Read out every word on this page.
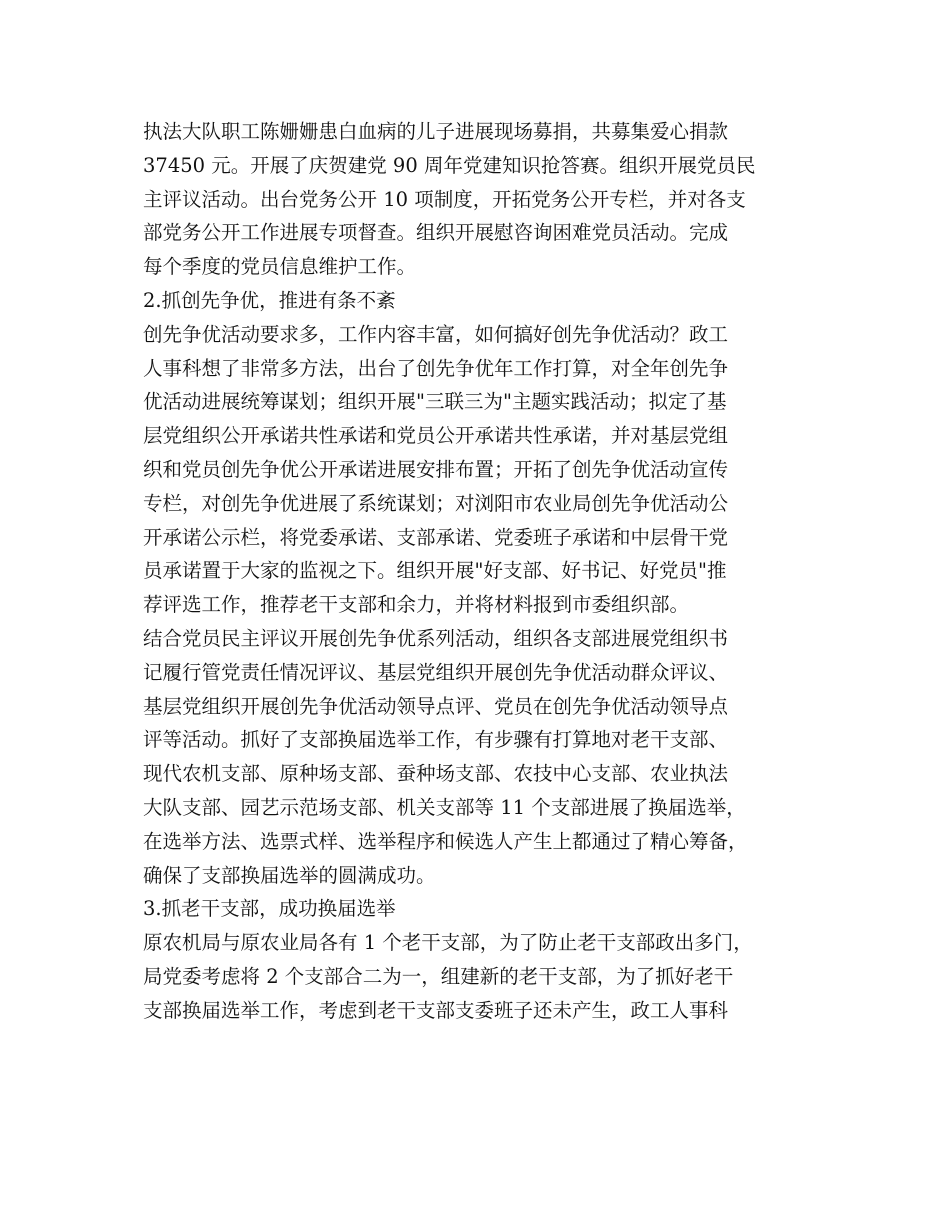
执法大队职工陈姗姗患白血病的儿子进展现场募捐，共募集爱心捐款
37450 元。开展了庆贺建党 90 周年党建知识抢答赛。组织开展党员民
主评议活动。出台党务公开 10 项制度，开拓党务公开专栏，并对各支
部党务公开工作进展专项督查。组织开展慰咨询困难党员活动。完成
每个季度的党员信息维护工作。
2.抓创先争优，推进有条不紊
创先争优活动要求多，工作内容丰富，如何搞好创先争优活动？政工
人事科想了非常多方法，出台了创先争优年工作打算，对全年创先争
优活动进展统筹谋划；组织开展"三联三为"主题实践活动；拟定了基
层党组织公开承诺共性承诺和党员公开承诺共性承诺，并对基层党组
织和党员创先争优公开承诺进展安排布置；开拓了创先争优活动宣传
专栏，对创先争优进展了系统谋划；对浏阳市农业局创先争优活动公
开承诺公示栏，将党委承诺、支部承诺、党委班子承诺和中层骨干党
员承诺置于大家的监视之下。组织开展"好支部、好书记、好党员"推
荐评选工作，推荐老干支部和余力，并将材料报到市委组织部。
结合党员民主评议开展创先争优系列活动，组织各支部进展党组织书
记履行管党责任情况评议、基层党组织开展创先争优活动群众评议、
基层党组织开展创先争优活动领导点评、党员在创先争优活动领导点
评等活动。抓好了支部换届选举工作，有步骤有打算地对老干支部、
现代农机支部、原种场支部、蚕种场支部、农技中心支部、农业执法
大队支部、园艺示范场支部、机关支部等 11 个支部进展了换届选举，
在选举方法、选票式样、选举程序和候选人产生上都通过了精心筹备，
确保了支部换届选举的圆满成功。
3.抓老干支部，成功换届选举
原农机局与原农业局各有 1 个老干支部，为了防止老干支部政出多门，
局党委考虑将 2 个支部合二为一，组建新的老干支部，为了抓好老干
支部换届选举工作，考虑到老干支部支委班子还未产生，政工人事科
